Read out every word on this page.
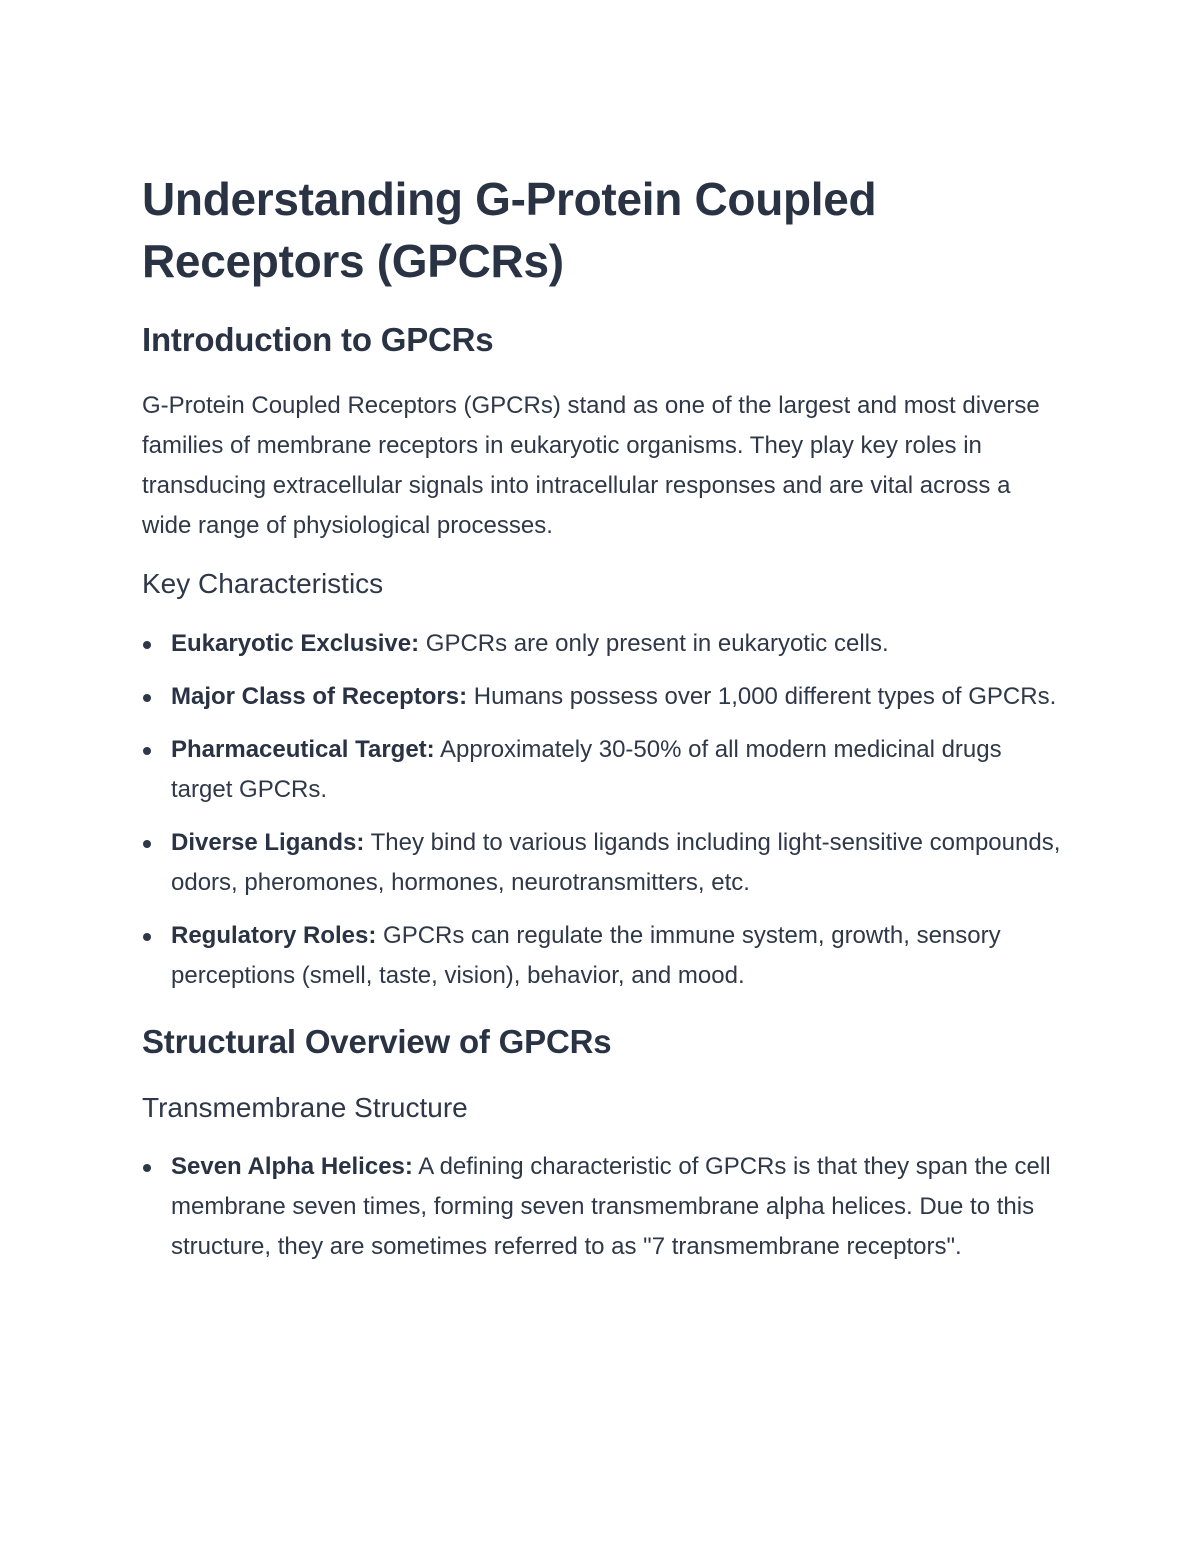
Understanding G-Protein Coupled Receptors (GPCRs)
Introduction to GPCRs

G-Protein Coupled Receptors (GPCRs) stand as one of the largest and most diverse families of membrane receptors in eukaryotic organisms. They play key roles in transducing extracellular signals into intracellular responses and are vital across a wide range of physiological processes.

Key Characteristics
Eukaryotic Exclusive: GPCRs are only present in eukaryotic cells.
Major Class of Receptors: Humans possess over 1,000 different types of GPCRs.
Pharmaceutical Target: Approximately 30-50% of all modern medicinal drugs target GPCRs.
Diverse Ligands: They bind to various ligands including light-sensitive compounds, odors, pheromones, hormones, neurotransmitters, etc.
Regulatory Roles: GPCRs can regulate the immune system, growth, sensory perceptions (smell, taste, vision), behavior, and mood.
Structural Overview of GPCRs
Transmembrane Structure
Seven Alpha Helices: A defining characteristic of GPCRs is that they span the cell membrane seven times, forming seven transmembrane alpha helices. Due to this structure, they are sometimes referred to as "7 transmembrane receptors".
